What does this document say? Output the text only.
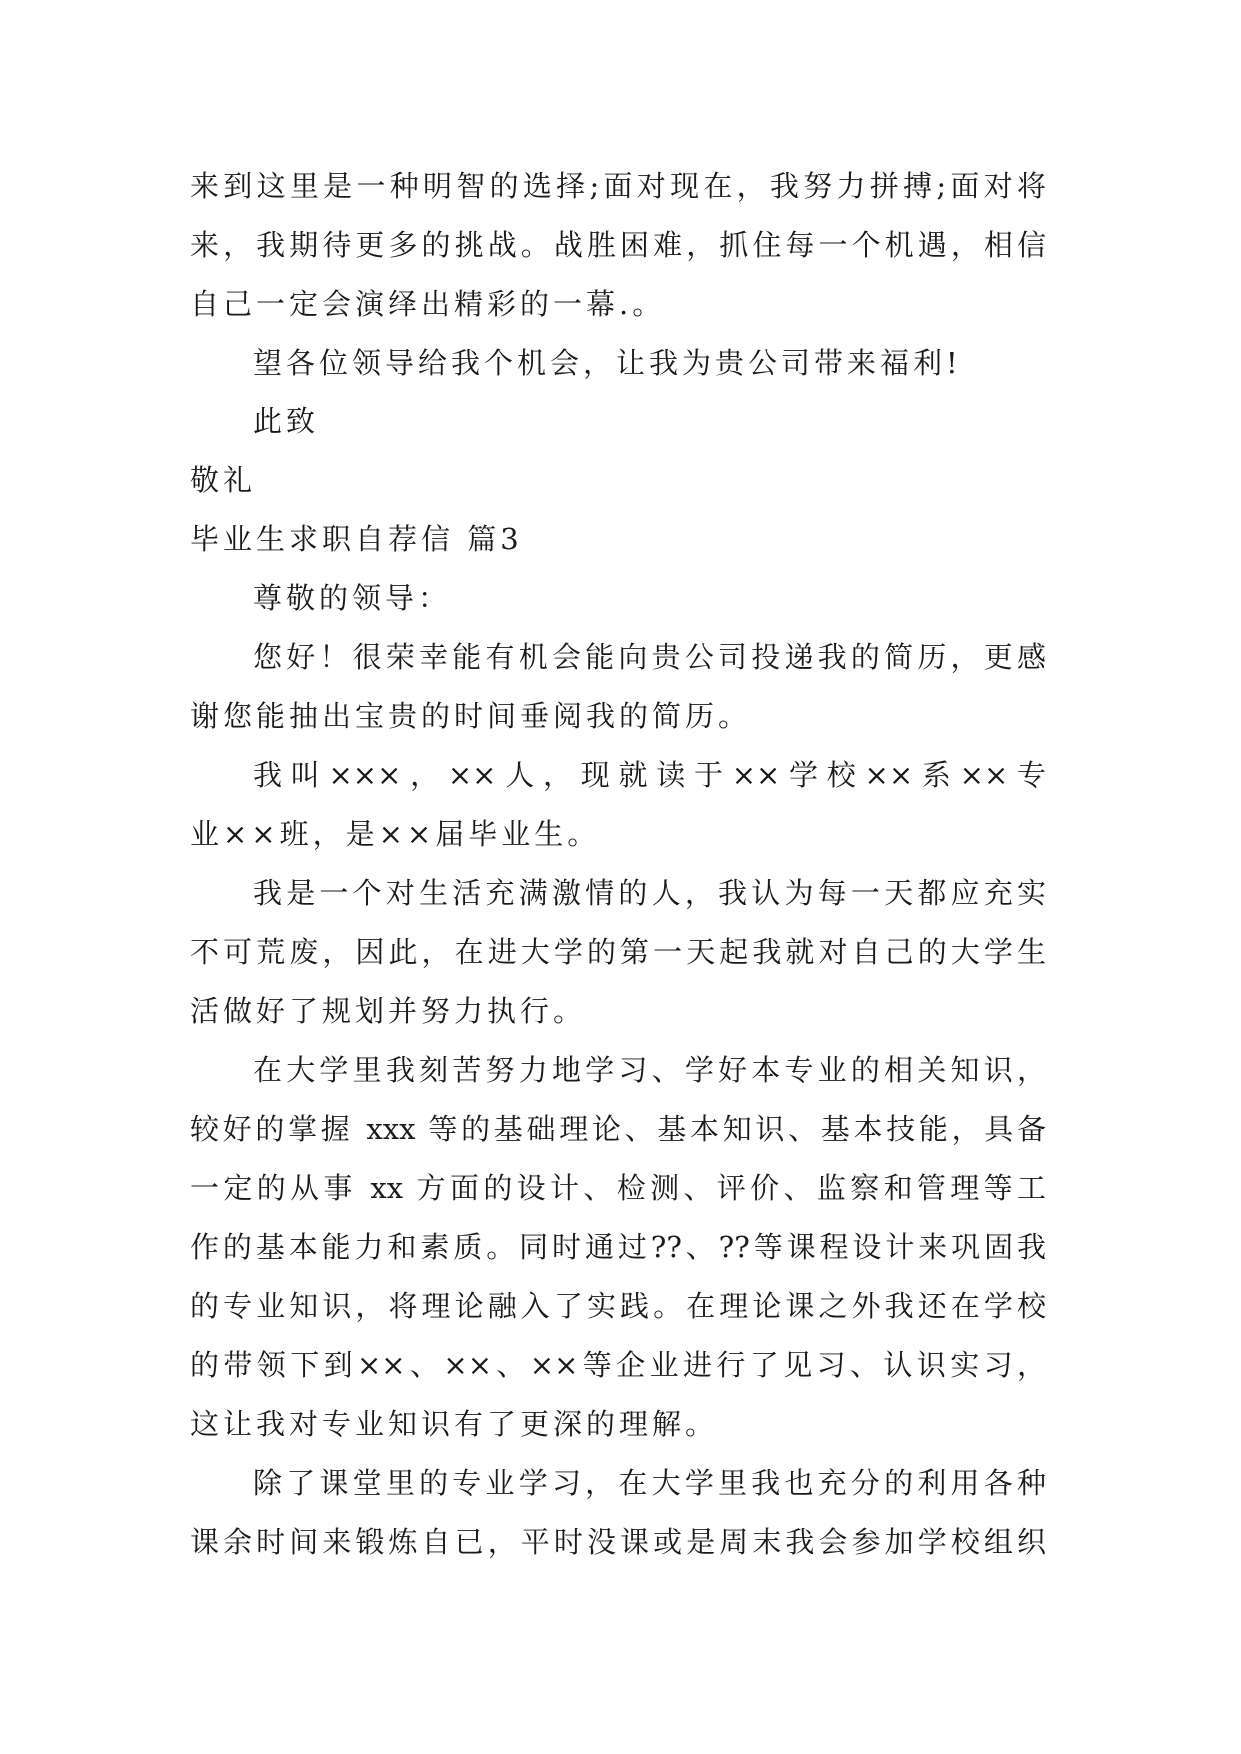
来到这里是一种明智的选择;面对现在，我努力拼搏;面对将
来，我期待更多的挑战。战胜困难，抓住每一个机遇，相信
自己一定会演绎出精彩的一幕.。
望各位领导给我个机会，让我为贵公司带来福利!
此致
敬礼
毕业生求职自荐信 篇3
尊敬的领导：
您好！很荣幸能有机会能向贵公司投递我的简历，更感
谢您能抽出宝贵的时间垂阅我的简历。
我叫×××，××人，现就读于××学校××系××专
业××班，是××届毕业生。
我是一个对生活充满激情的人，我认为每一天都应充实
不可荒废，因此，在进大学的第一天起我就对自己的大学生
活做好了规划并努力执行。
在大学里我刻苦努力地学习、学好本专业的相关知识，
较好的掌握 xxx 等的基础理论、基本知识、基本技能，具备
一定的从事 xx 方面的设计、检测、评价、监察和管理等工
作的基本能力和素质。同时通过??、??等课程设计来巩固我
的专业知识，将理论融入了实践。在理论课之外我还在学校
的带领下到××、××、××等企业进行了见习、认识实习，
这让我对专业知识有了更深的理解。
除了课堂里的专业学习，在大学里我也充分的利用各种
课余时间来锻炼自已，平时没课或是周末我会参加学校组织
